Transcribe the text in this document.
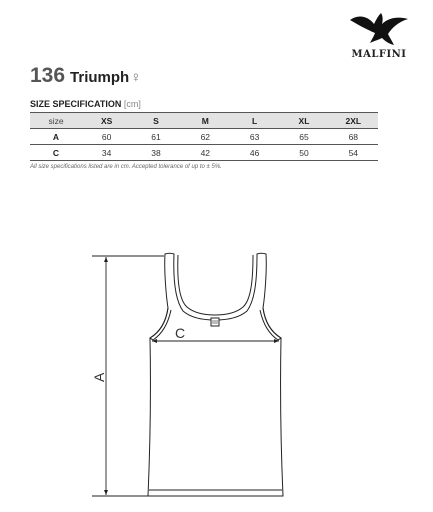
MALFINI
136 Triumph♀
SIZE SPECIFICATION [cm]
size	XS	S	M	L	XL	2XL
A	60	61	62	63	65	68
C	34	38	42	46	50	54
All size specifications listed are in cm. Accepted tolerance of up to ± 5%.
C
A
